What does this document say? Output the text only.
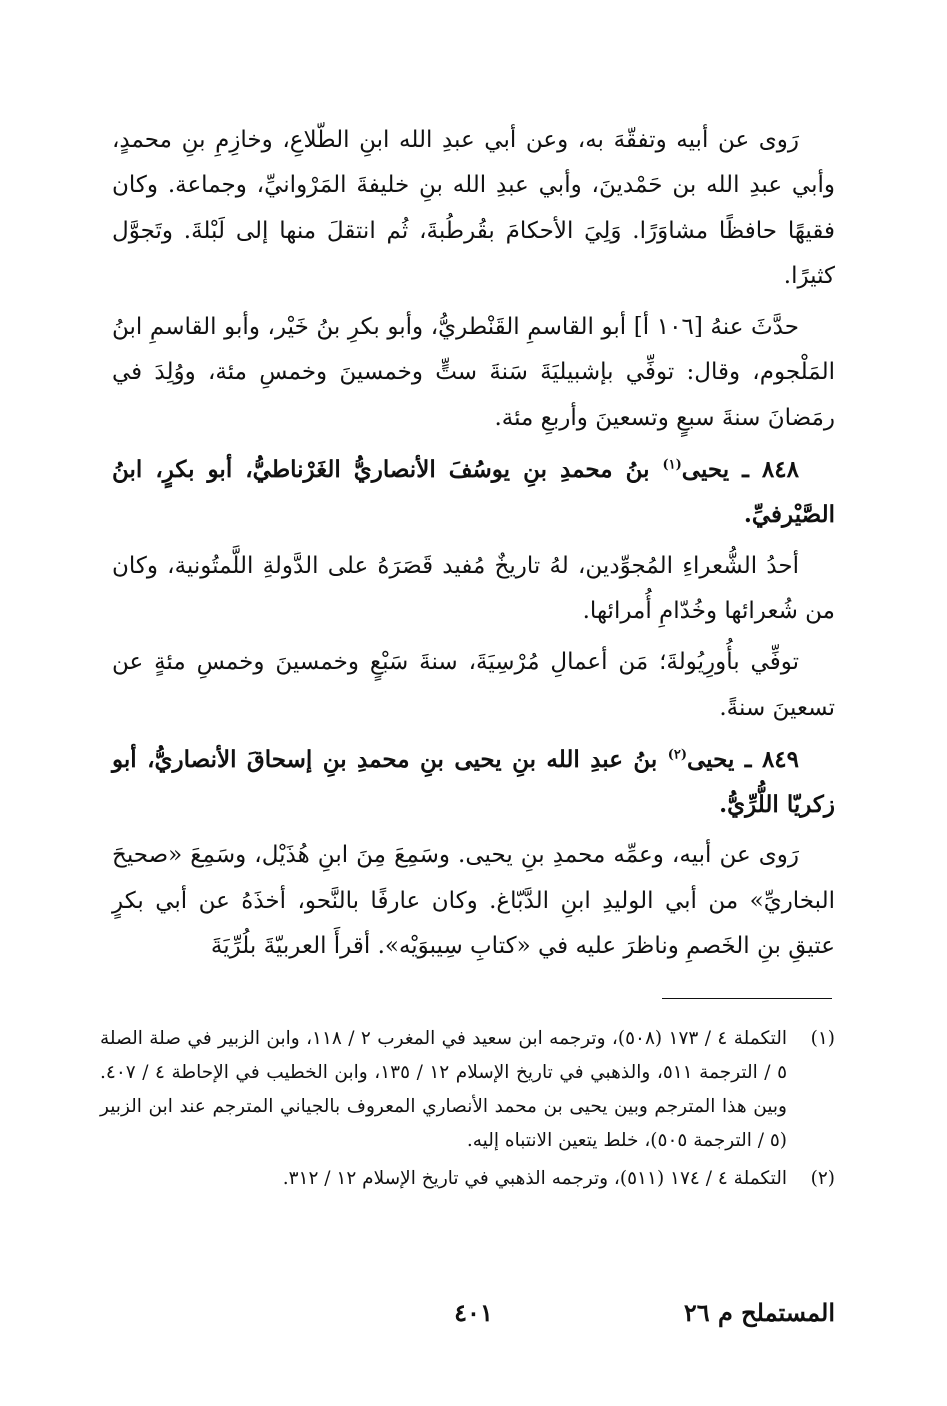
رَوى عن أبيه وتفقّهَ به، وعن أبي عبدِ الله ابنِ الطّلاعِ، وخازِمِ بنِ محمدٍ، وأبي عبدِ الله بن حَمْدينَ، وأبي عبدِ الله بنِ خليفةَ المَرْوانيِّ، وجماعة. وكان فقيهًا حافظًا مشاوَرًا. وَلِيَ الأحكامَ بقُرطُبةَ، ثُم انتقلَ منها إلى لَبْلةَ. وتَجوَّل كثيرًا.

حدَّثَ عنهُ [١٠٦ أ] أبو القاسمِ القَنْطريُّ، وأبو بكرِ بنُ خَيْر، وأبو القاسمِ ابنُ المَلْجوم، وقال: توفِّي بإشبيليَةَ سَنةَ ستٍّ وخمسينَ وخمسِ مئة، ووُلِدَ في رمَضانَ سنةَ سبعٍ وتسعينَ وأربعِ مئة.

٨٤٨ ـ يحيى$^{(١)}$ بنُ محمدِ بنِ يوسُفَ الأنصاريُّ الغَرْناطيُّ، أبو بكرٍ، ابنُ الصَّيْرفيِّ.

أحدُ الشُّعراءِ المُجوِّدين، لهُ تاريخٌ مُفيد قَصَرَهُ على الدَّولةِ اللَّمتُونية، وكان من شُعرائها وخُدّامِ أُمرائها.

توفِّي بأُورِيُولةَ؛ مَن أعمالِ مُرْسِيَةَ، سنةَ سَبْعٍ وخمسينَ وخمسِ مئةٍ عن تسعينَ سنةً.

٨٤٩ ـ يحيى$^{(٢)}$ بنُ عبدِ الله بنِ يحيى بنِ محمدِ بنِ إسحاقَ الأنصاريُّ، أبو زكريّا اللُّرِّيُّ.

رَوى عن أبيه، وعمِّه محمدِ بنِ يحيى. وسَمِعَ مِنَ ابنِ هُذَيْل، وسَمِعَ «صحيحَ البخاريِّ» من أبي الوليدِ ابنِ الدَّبّاغ. وكان عارفًا بالنَّحو، أخذَهُ عن أبي بكرٍ عتيقِ بنِ الخَصمِ وناظرَ عليه في «كتابِ سِيبوَيْه». أقرأَ العربيّةَ بلُرِّيَةَ

(١)
التكملة ٤ / ١٧٣ (٥٠٨)، وترجمه ابن سعيد في المغرب ٢ / ١١٨، وابن الزبير في صلة الصلة ٥ / الترجمة ٥١١، والذهبي في تاريخ الإسلام ١٢ / ١٣٥، وابن الخطيب في الإحاطة ٤ / ٤٠٧. وبين هذا المترجم وبين يحيى بن محمد الأنصاري المعروف بالجياني المترجم عند ابن الزبير (٥ / الترجمة ٥٠٥)، خلط يتعين الانتباه إليه.
(٢)
التكملة ٤ / ١٧٤ (٥١١)، وترجمه الذهبي في تاريخ الإسلام ١٢ / ٣١٢.
المستملح م ٢٦
٤٠١
